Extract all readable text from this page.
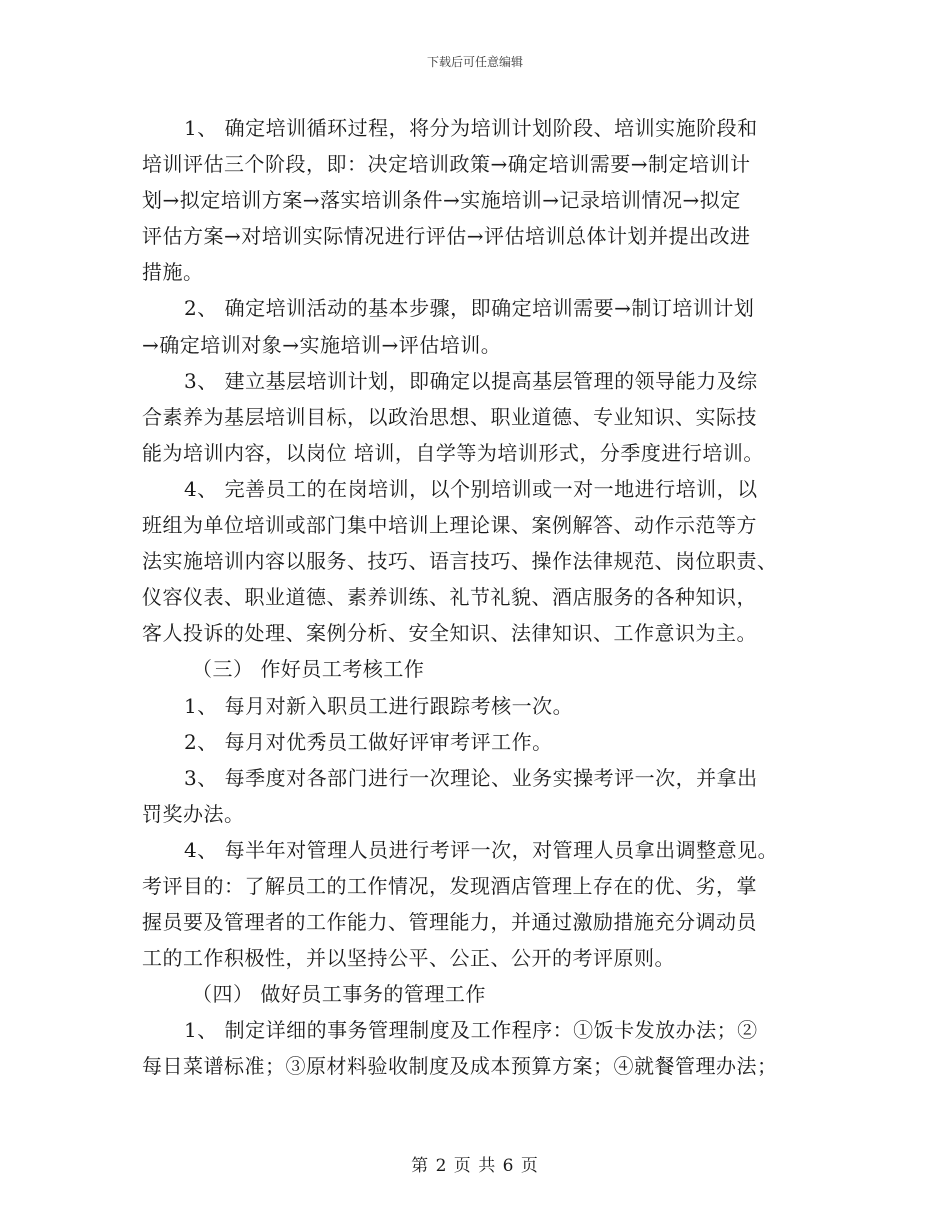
下载后可任意编辑
1、 确定培训循环过程，将分为培训计划阶段、培训实施阶段和
培训评估三个阶段，即：决定培训政策→确定培训需要→制定培训计
划→拟定培训方案→落实培训条件→实施培训→记录培训情况→拟定
评估方案→对培训实际情况进行评估→评估培训总体计划并提出改进
措施。
2、 确定培训活动的基本步骤，即确定培训需要→制订培训计划
→确定培训对象→实施培训→评估培训。
3、 建立基层培训计划，即确定以提高基层管理的领导能力及综
合素养为基层培训目标，以政治思想、职业道德、专业知识、实际技
能为培训内容，以岗位 培训，自学等为培训形式，分季度进行培训。
4、 完善员工的在岗培训，以个别培训或一对一地进行培训，以
班组为单位培训或部门集中培训上理论课、案例解答、动作示范等方
法实施培训内容以服务、技巧、语言技巧、操作法律规范、岗位职责、
仪容仪表、职业道德、素养训练、礼节礼貌、酒店服务的各种知识，
客人投诉的处理、案例分析、安全知识、法律知识、工作意识为主。
（三） 作好员工考核工作
1、 每月对新入职员工进行跟踪考核一次。
2、 每月对优秀员工做好评审考评工作。
3、 每季度对各部门进行一次理论、业务实操考评一次，并拿出
罚奖办法。
4、 每半年对管理人员进行考评一次，对管理人员拿出调整意见。
考评目的：了解员工的工作情况，发现酒店管理上存在的优、劣，掌
握员要及管理者的工作能力、管理能力，并通过激励措施充分调动员
工的工作积极性，并以坚持公平、公正、公开的考评原则。
（四） 做好员工事务的管理工作
1、 制定详细的事务管理制度及工作程序：①饭卡发放办法；②
每日菜谱标准；③原材料验收制度及成本预算方案；④就餐管理办法；
第 2 页 共 6 页
